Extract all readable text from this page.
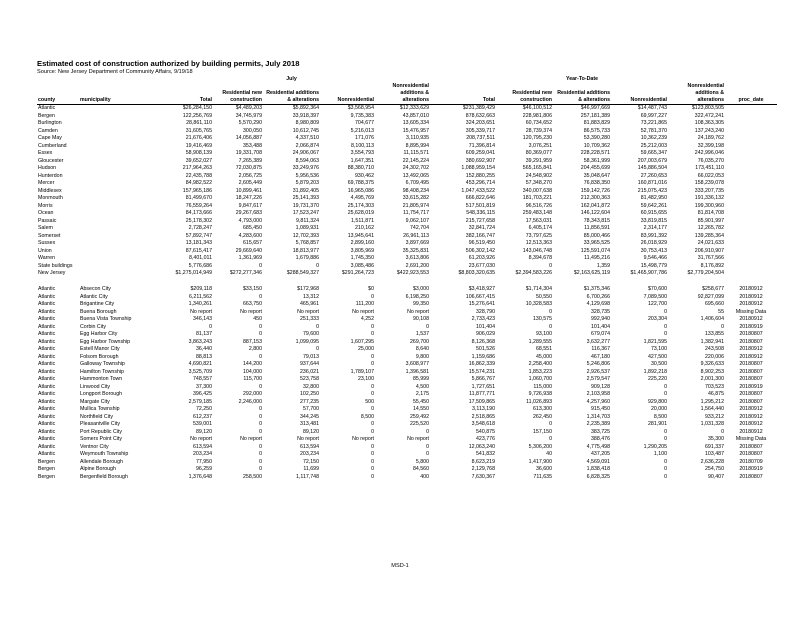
Estimated cost of construction authorized by building permits, July 2018
Source: New Jersey Department of Community Affairs, 9/19/18
				July					Year-To-Date			
county	municipality	Total	Residential new construction	Residential additions & alterations	Nonresidential	Nonresidential additions & alterations	Total	Residential new construction	Residential additions & alterations	Nonresidential	Nonresidential additions & alterations	proc_date
Atlantic		$26,284,150	$4,489,203	$5,892,364	$3,568,954	$12,333,629	$231,389,429	$46,100,512	$46,997,669	$14,487,743	$123,803,505	
Bergen		122,256,769	34,745,979	33,918,397	9,735,383	43,857,010	878,632,663	228,981,806	257,181,389	69,997,227	322,472,241	
Burlington		28,861,110	5,570,290	8,980,809	704,677	13,605,334	324,203,651	60,734,652	81,883,829	73,221,865	108,363,305	
Camden		31,605,765	300,050	10,612,745	5,216,013	15,476,957	305,339,717	28,739,374	86,575,733	52,781,370	137,243,240	
Cape May		21,676,406	14,056,887	4,337,510	171,076	3,110,935	208,737,511	120,795,230	53,390,280	10,362,239	24,189,762	
Cumberland		19,416,469	353,488	2,066,874	8,100,113	8,895,994	71,396,814	3,076,251	10,709,362	25,212,003	32,399,198	
Essex		58,908,139	19,331,708	24,906,067	3,554,793	11,115,571	609,259,041	80,369,077	228,228,571	59,665,347	242,996,046	
Gloucester		39,652,027	7,265,389	8,594,063	1,647,351	22,145,224	380,692,907	39,291,959	58,361,999	207,003,679	76,035,270	
Hudson		217,964,263	72,030,875	33,249,976	88,380,710	24,302,702	1,088,959,154	565,165,841	204,455,699	145,886,504	173,451,110	
Hunterdon		22,435,788	2,056,725	5,956,536	930,462	13,492,065	152,880,255	24,548,902	35,048,647	27,260,653	66,022,053	
Mercer		84,982,522	2,605,449	5,879,203	69,788,375	6,709,495	453,296,714	57,348,270	76,838,350	160,871,016	158,239,078	
Middlesex		157,965,186	10,899,461	31,892,405	16,965,086	98,408,234	1,047,433,522	340,007,638	159,142,726	215,075,423	333,207,735	
Monmouth		81,499,670	18,247,226	25,141,393	4,495,769	33,615,282	666,822,646	181,703,221	212,300,363	81,482,950	191,336,132	
Morris		76,559,264	9,847,617	19,731,370	25,174,303	21,805,974	517,501,819	96,516,726	162,041,872	59,642,261	199,300,960	
Ocean		84,173,666	29,267,683	17,523,247	25,628,019	11,754,717	548,336,115	259,483,148	146,122,604	60,915,655	81,814,708	
Passaic		25,178,302	4,793,000	9,811,324	1,511,871	9,062,107	215,727,658	17,563,031	78,343,815	33,819,815	85,901,997	
Salem		2,728,247	685,450	1,089,931	210,162	742,704	32,841,724	6,405,174	11,856,591	2,314,177	12,265,782	
Somerset		57,892,747	4,283,600	12,702,393	13,945,641	26,961,113	382,166,747	73,797,625	85,000,466	83,991,392	139,285,364	
Sussex		13,181,343	615,657	5,768,857	2,899,160	3,897,669	96,519,450	12,513,363	33,965,525	26,018,929	24,021,633	
Union		87,615,417	29,669,640	18,813,977	3,805,969	35,325,831	506,302,142	143,046,748	125,591,074	30,753,413	206,910,907	
Warren		8,401,011	1,361,969	1,679,886	1,745,350	3,613,806	61,203,926	8,394,678	11,495,216	9,546,466	31,767,566	
State buildings		5,776,686	0	0	3,085,486	2,691,200	23,677,030	0	1,359	15,498,779	8,176,892	
New Jersey		$1,275,014,949	$272,277,346	$288,549,327	$291,264,723	$422,923,553	$8,803,320,635	$2,394,583,226	$2,163,625,119	$1,465,907,786	$2,779,204,504	

Atlantic	Absecon City	$209,118	$33,150	$172,968	$0	$3,000	$3,418,927	$1,714,304	$1,375,346	$70,600	$258,677	20180912
Atlantic	Atlantic City	6,211,562	0	13,312	0	6,198,250	106,667,415	50,550	6,700,266	7,089,500	92,827,099	20180912
Atlantic	Brigantine City	1,340,261	663,750	465,961	111,200	99,350	15,276,641	10,328,583	4,129,698	122,700	695,660	20180912
Atlantic	Buena Borough	No report	No report	No report	No report	No report	328,790	0	328,735	0	55	Missing Data
Atlantic	Buena Vista Township	346,143	450	251,333	4,252	90,108	2,733,423	130,575	992,940	203,304	1,406,604	20180912
Atlantic	Corbin City	0	0	0	0	0	101,404	0	101,404	0	0	20180919
Atlantic	Egg Harbor City	81,137	0	79,600	0	1,537	906,029	93,100	679,074	0	133,855	20180807
Atlantic	Egg Harbor Township	3,863,243	887,153	1,099,095	1,607,295	269,700	8,126,368	1,289,555	3,632,277	1,821,595	1,382,941	20180807
Atlantic	Estell Manor City	36,440	2,800	0	25,000	8,640	501,526	68,551	116,367	73,100	243,508	20180912
Atlantic	Folsom Borough	88,813	0	79,013	0	9,800	1,159,686	45,000	467,180	427,500	220,006	20180912
Atlantic	Galloway Township	4,690,821	144,200	937,644	0	3,608,977	16,862,339	2,258,400	5,246,806	30,500	9,326,633	20180807
Atlantic	Hamilton Township	3,525,709	104,000	236,021	1,789,107	1,396,581	15,574,231	1,853,223	2,926,537	1,892,218	8,902,253	20180807
Atlantic	Hammonton Town	748,557	115,700	523,758	23,100	85,999	5,866,767	1,060,700	2,579,547	225,220	2,001,300	20180807
Atlantic	Linwood City	37,300	0	32,800	0	4,500	1,727,651	115,000	909,128	0	703,523	20180919
Atlantic	Longport Borough	396,425	292,000	102,250	0	2,175	11,877,771	9,726,938	2,103,958	0	46,875	20180807
Atlantic	Margate City	2,579,185	2,246,000	277,235	500	55,450	17,509,865	11,026,893	4,257,960	929,800	1,295,212	20180807
Atlantic	Mullica Township	72,250	0	57,700	0	14,550	3,113,190	613,300	915,450	20,000	1,564,440	20180912
Atlantic	Northfield City	612,237	0	344,245	8,500	259,492	2,518,865	262,450	1,314,703	8,500	933,212	20180912
Atlantic	Pleasantville City	539,001	0	313,481	0	225,520	3,548,618	0	2,235,389	281,901	1,031,328	20180912
Atlantic	Port Republic City	89,120	0	89,120	0	0	540,875	157,150	383,725	0	0	20180912
Atlantic	Somers Point City	No report	No report	No report	No report	No report	423,776	0	388,476	0	35,300	Missing Data
Atlantic	Ventnor City	613,594	0	613,594	0	0	12,063,240	5,306,200	4,775,498	1,290,205	691,337	20180807
Atlantic	Weymouth Township	203,234	0	203,234	0	0	541,832	40	437,205	1,100	103,487	20180807
Bergen	Allendale Borough	77,950	0	72,150	0	5,800	8,623,219	1,417,900	4,569,091	0	2,636,228	20180709
Bergen	Alpine Borough	96,259	0	11,699	0	84,560	2,129,768	36,600	1,838,418	0	254,750	20180919
Bergen	Bergenfield Borough	1,376,648	258,500	1,117,748	0	400	7,630,367	711,635	6,828,325	0	90,407	20180807
MSD-1
